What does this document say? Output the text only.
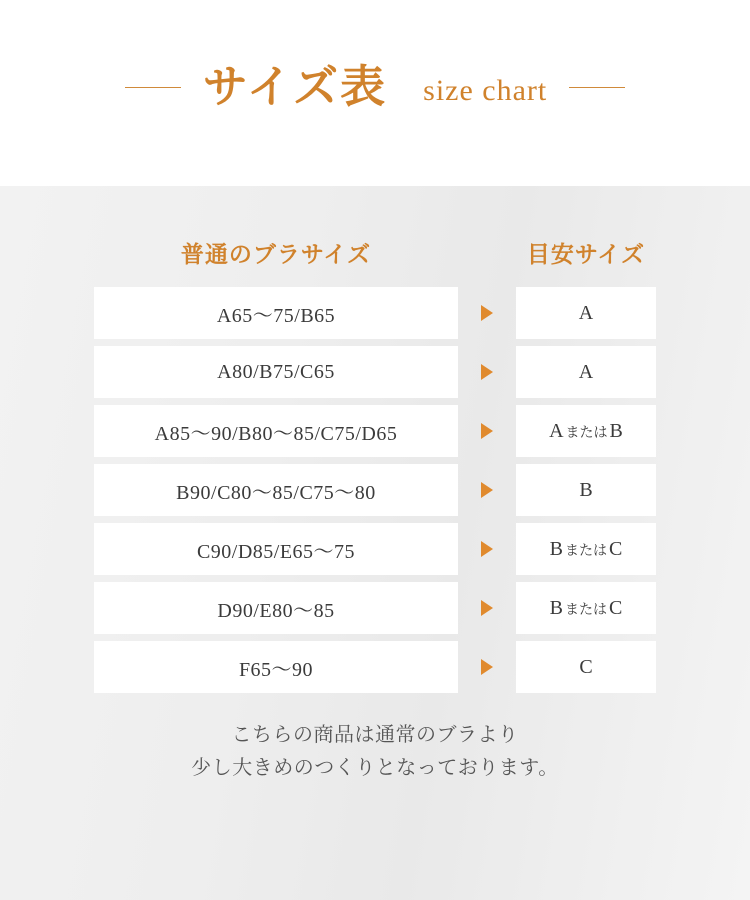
サイズ表	size chart
普通のブラサイズ	目安サイズ
A65〜75/B65	A
A80/B75/C65	A
A85〜90/B80〜85/C75/D65	A または B
B90/C80〜85/C75〜80	B
C90/D85/E65〜75	B または C
D90/E80〜85	B または C
F65〜90	C
こちらの商品は通常のブラより
少し大きめのつくりとなっております。
